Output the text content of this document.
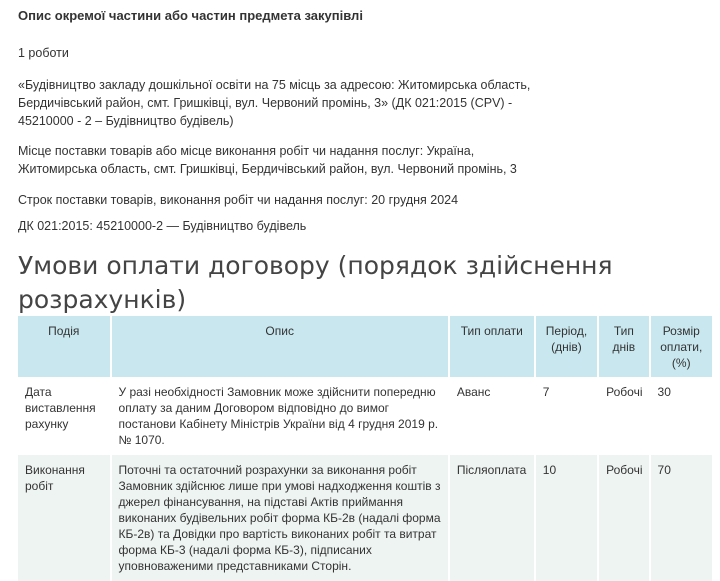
Опис окремої частини або частин предмета закупівлі

1 роботи

«Будівництво закладу дошкільної освіти на 75 місць за адресою: Житомирська область, Бердичівський район, смт. Гришківці, вул. Червоний промінь, 3» (ДК 021:2015 (CPV) - 45210000 - 2 – Будівництво будівель)

Місце поставки товарів або місце виконання робіт чи надання послуг: Україна, Житомирська область, смт. Гришківці, Бердичівський район, вул. Червоний промінь, 3

Строк поставки товарів, виконання робіт чи надання послуг: 20 грудня 2024

ДК 021:2015: 45210000-2 — Будівництво будівель

Умови оплати договору (порядок здійснення розрахунків)
Подія	Опис	Тип оплати	Період, (днів)	Тип днів	Розмір оплати, (%)
Дата виставлення рахунку	У разі необхідності Замовник може здійснити попередню оплату за даним Договором відповідно до вимог постанови Кабінету Міністрів України від 4 грудня 2019 р. № 1070.	Аванс	7	Робочі	30
Виконання робіт	Поточні та остаточний розрахунки за виконання робіт Замовник здійснює лише при умові надходження коштів з джерел фінансування, на підставі Актів приймання виконаних будівельних робіт форма КБ-2в (надалі форма КБ-2в) та Довідки про вартість виконаних робіт та витрат форма КБ-3 (надалі форма КБ-3), підписаних уповноваженими представниками Сторін.	Післяоплата	10	Робочі	70
